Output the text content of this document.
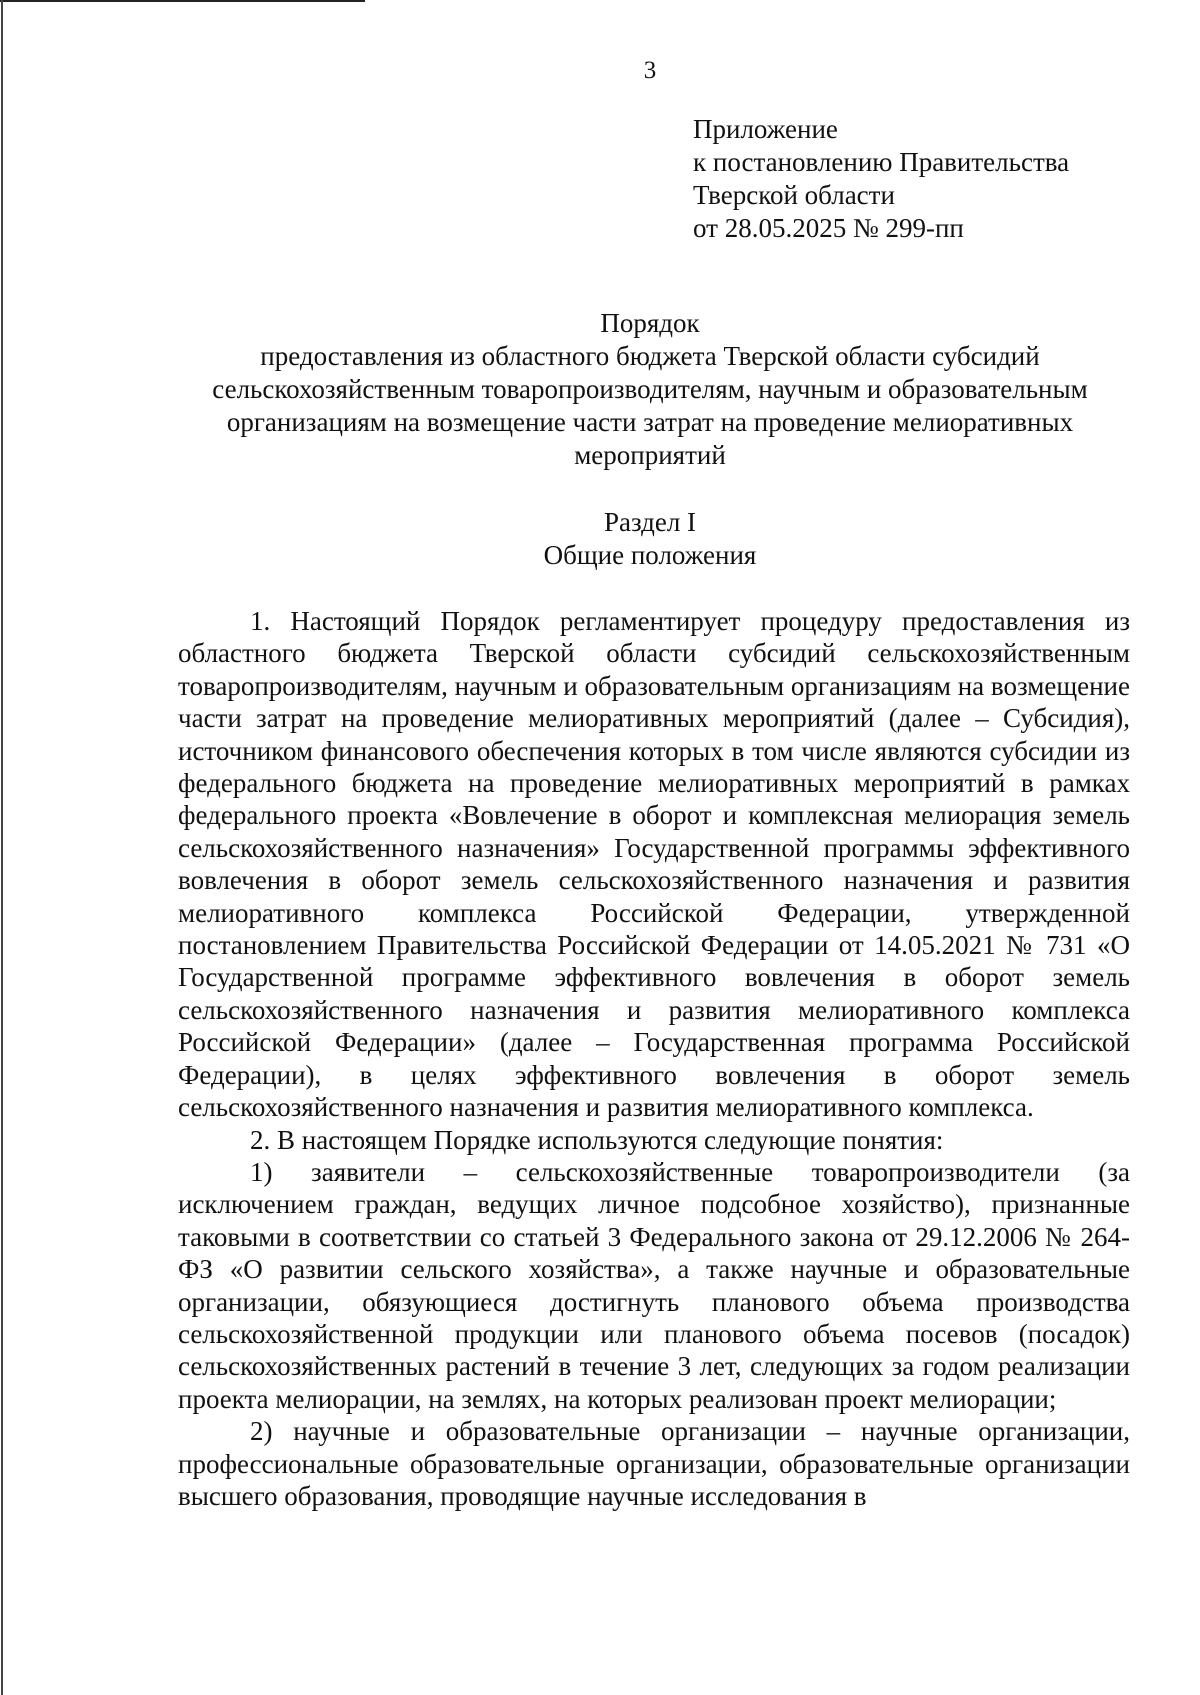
3
Приложение
к постановлению Правительства
Тверской области
от 28.05.2025 № 299-пп
Порядок
предоставления из областного бюджета Тверской области субсидий
сельскохозяйственным товаропроизводителям, научным и образовательным
организациям на возмещение части затрат на проведение мелиоративных
мероприятий
Раздел I
Общие положения

1. Настоящий Порядок регламентирует процедуру предоставления из областного бюджета Тверской области субсидий сельскохозяйственным товаропроизводителям, научным и образовательным организациям на возмещение части затрат на проведение мелиоративных мероприятий (далее – Субсидия), источником финансового обеспечения которых в том числе являются субсидии из федерального бюджета на проведение мелиоративных мероприятий в рамках федерального проекта «Вовлечение в оборот и комплексная мелиорация земель сельскохозяйственного назначения» Государственной программы эффективного вовлечения в оборот земель сельскохозяйственного назначения и развития мелиоративного комплекса Российской Федерации, утвержденной постановлением Правительства Российской Федерации от 14.05.2021 № 731 «О Государственной программе эффективного вовлечения в оборот земель сельскохозяйственного назначения и развития мелиоративного комплекса Российской Федерации» (далее – Государственная программа Российской Федерации), в целях эффективного вовлечения в оборот земель сельскохозяйственного назначения и развития мелиоративного комплекса.

2. В настоящем Порядке используются следующие понятия:

1) заявители – сельскохозяйственные товаропроизводители (за исключением граждан, ведущих личное подсобное хозяйство), признанные таковыми в соответствии со статьей 3 Федерального закона от 29.12.2006 № 264-ФЗ «О развитии сельского хозяйства», а также научные и образовательные организации, обязующиеся достигнуть планового объема производства сельскохозяйственной продукции или планового объема посевов (посадок) сельскохозяйственных растений в течение 3 лет, следующих за годом реализации проекта мелиорации, на землях, на которых реализован проект мелиорации;

2) научные и образовательные организации – научные организации, профессиональные образовательные организации, образовательные организации высшего образования, проводящие научные исследования в
